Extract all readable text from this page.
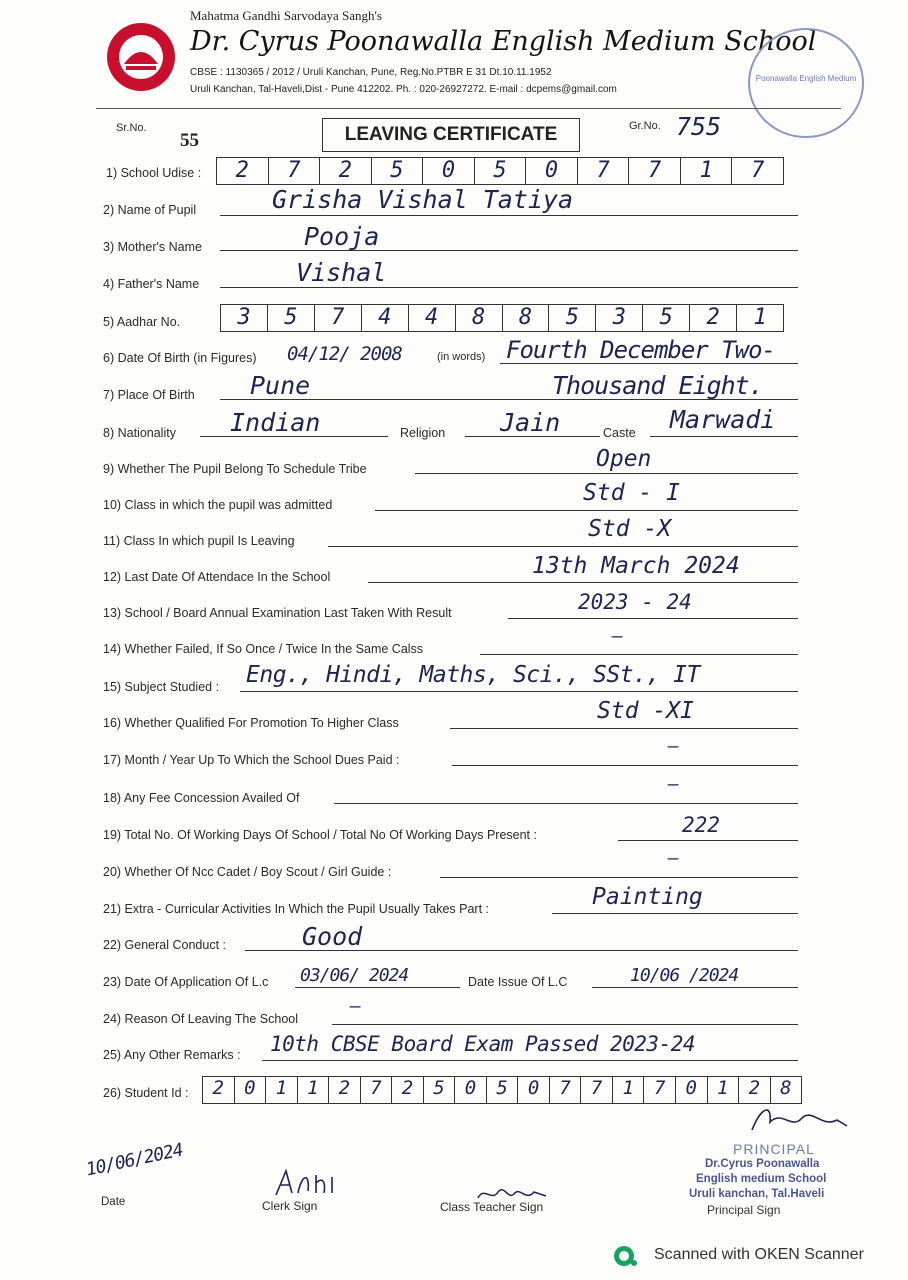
Mahatma Gandhi Sarvodaya Sangh's
Dr. Cyrus Poonawalla English Medium School
CBSE : 1130365 / 2012 / Uruli Kanchan, Pune, Reg.No.PTBR E 31 Dt.10.11.1952
Uruli Kanchan, Tal-Haveli,Dist - Pune 412202. Ph. : 020-26927272. E-mail : dcpems@gmail.com
Poonawalla English Medium
Sr.No.
55	LEAVING CERTIFICATE	Gr.No. 755
1) School Udise :	2	7	2	5	0	5	0	7	7	1	7
2) Name of Pupil	Grisha Vishal Tatiya
3) Mother's Name	Pooja
4) Father's Name	Vishal
5) Aadhar No.	3	5	7	4	4	8	8	5	3	5	2	1
6) Date Of Birth (in Figures) 04/12/ 2008	(in words) Fourth December Two-
7) Place Of Birth Pune	Thousand Eight.
8) Nationality Indian	Religion Jain	Caste Marwadi
9) Whether The Pupil Belong To Schedule Tribe	Open
10) Class in which the pupil was admitted	Std - I
11) Class In which pupil Is Leaving	Std -X
12) Last Date Of Attendace In the School	13th March 2024
13) School / Board Annual Examination Last Taken With Result	2023 - 24
14) Whether Failed, If So Once / Twice In the Same Calss
—
15) Subject Studied : Eng., Hindi, Maths, Sci., SSt., IT
16) Whether Qualified For Promotion To Higher Class	Std -XI
17) Month / Year Up To Which the School Dues Paid :
—
18) Any Fee Concession Availed Of
—
19) Total No. Of Working Days Of School / Total No Of Working Days Present :	222
20) Whether Of Ncc Cadet / Boy Scout / Girl Guide :
—
21) Extra - Curricular Activities In Which the Pupil Usually Takes Part :	Painting
22) General Conduct :	Good
23) Date Of Application Of L.c 03/06/ 2024	Date Issue Of L.C	10/06 /2024
24) Reason Of Leaving The School
—
25) Any Other Remarks : 10th CBSE Board Exam Passed 2023-24
26) Student Id :	2	0	1	1	2	7	2	5	0	5	0	7	7	1	7	0	1	2	8
PRINCIPAL
Dr.Cyrus Poonawalla
English medium School
Uruli kanchan, Tal.Haveli
Principal Sign
10/06/2024
Date	Clerk Sign	Class Teacher Sign
Scanned with OKEN Scanner
